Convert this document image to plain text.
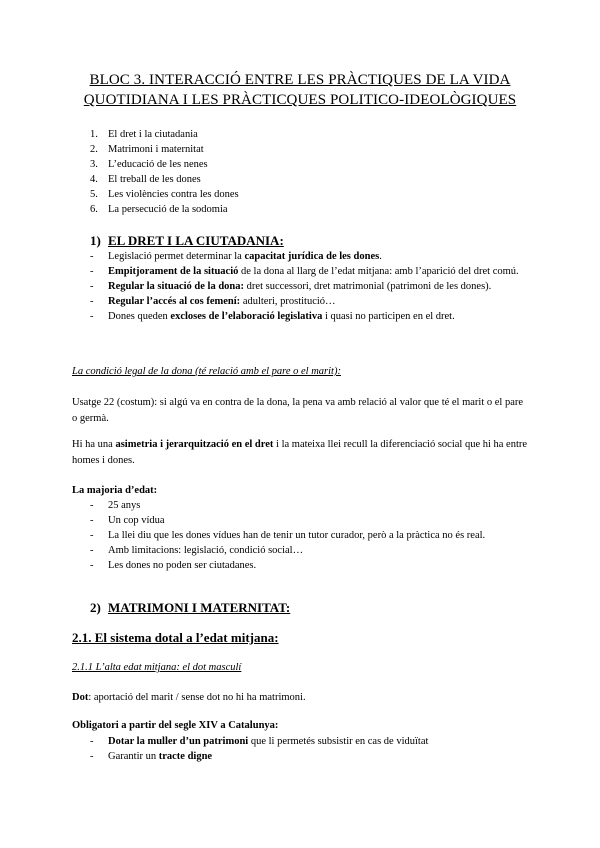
BLOC 3. INTERACCIÓ ENTRE LES PRÀCTIQUES DE LA VIDA
QUOTIDIANA I LES PRÀCTICQUES POLITICO-IDEOLÒGIQUES
1. El dret i la ciutadania
2. Matrimoni i maternitat
3. L’educació de les nenes
4. El treball de les dones
5. Les violències contra les dones
6. La persecució de la sodomia
1) EL DRET I LA CIUTADANIA:
- Legislació permet determinar la capacitat jurídica de les dones.
- Empitjorament de la situació de la dona al llarg de l’edat mitjana: amb l’aparició del dret comú.
- Regular la situació de la dona: dret successori, dret matrimonial (patrimoni de les dones).
- Regular l’accés al cos femení: adulteri, prostitució…
- Dones queden excloses de l’elaboració legislativa i quasi no participen en el dret.
La condició legal de la dona (té relació amb el pare o el marit):
Usatge 22 (costum): si algú va en contra de la dona, la pena va amb relació al valor que té el marit o el pare o germà.
Hi ha una asimetria i jerarquització en el dret i la mateixa llei recull la diferenciació social que hi ha entre homes i dones.
La majoria d’edat:
- 25 anys
- Un cop vídua
- La llei diu que les dones vídues han de tenir un tutor curador, però a la pràctica no és real.
- Amb limitacions: legislació, condició social…
- Les dones no poden ser ciutadanes.
2) MATRIMONI I MATERNITAT:
2.1. El sistema dotal a l’edat mitjana:
2.1.1 L’alta edat mitjana: el dot masculí
Dot: aportació del marit / sense dot no hi ha matrimoni.
Obligatori a partir del segle XIV a Catalunya:
- Dotar la muller d’un patrimoni que li permetés subsistir en cas de viduïtat
- Garantir un tracte digne
